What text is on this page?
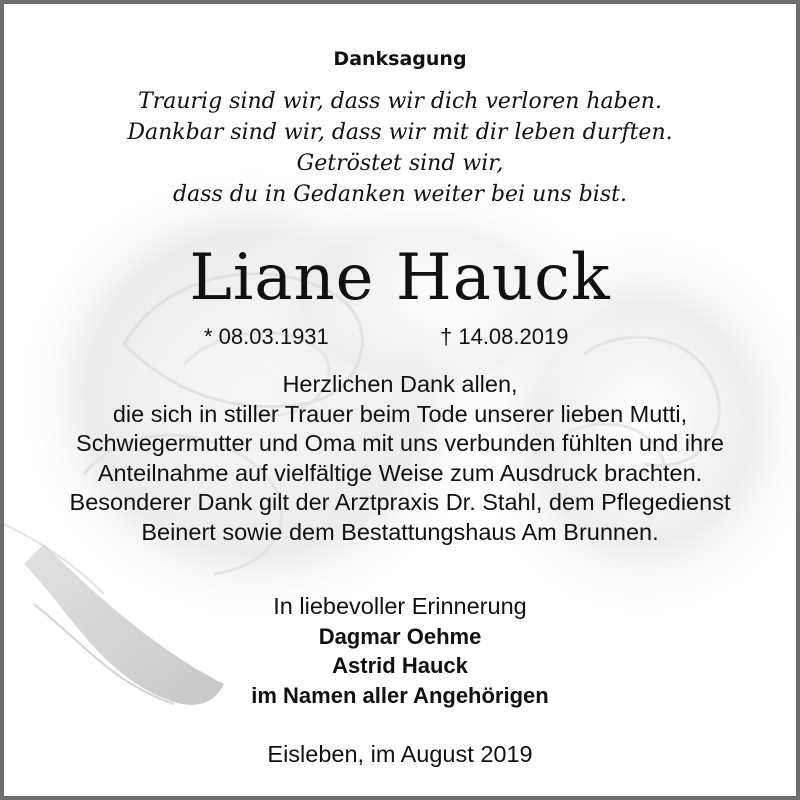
Danksagung
Traurig sind wir, dass wir dich verloren haben.
Dankbar sind wir, dass wir mit dir leben durften.
Getröstet sind wir,
dass du in Gedanken weiter bei uns bist.
Liane Hauck
* 08.03.1931	† 14.08.2019
Herzlichen Dank allen,
die sich in stiller Trauer beim Tode unserer lieben Mutti,
Schwiegermutter und Oma mit uns verbunden fühlten und ihre
Anteilnahme auf vielfältige Weise zum Ausdruck brachten.
Besonderer Dank gilt der Arztpraxis Dr. Stahl, dem Pflegedienst
Beinert sowie dem Bestattungshaus Am Brunnen.
In liebevoller Erinnerung
Dagmar Oehme
Astrid Hauck
im Namen aller Angehörigen
Eisleben, im August 2019
